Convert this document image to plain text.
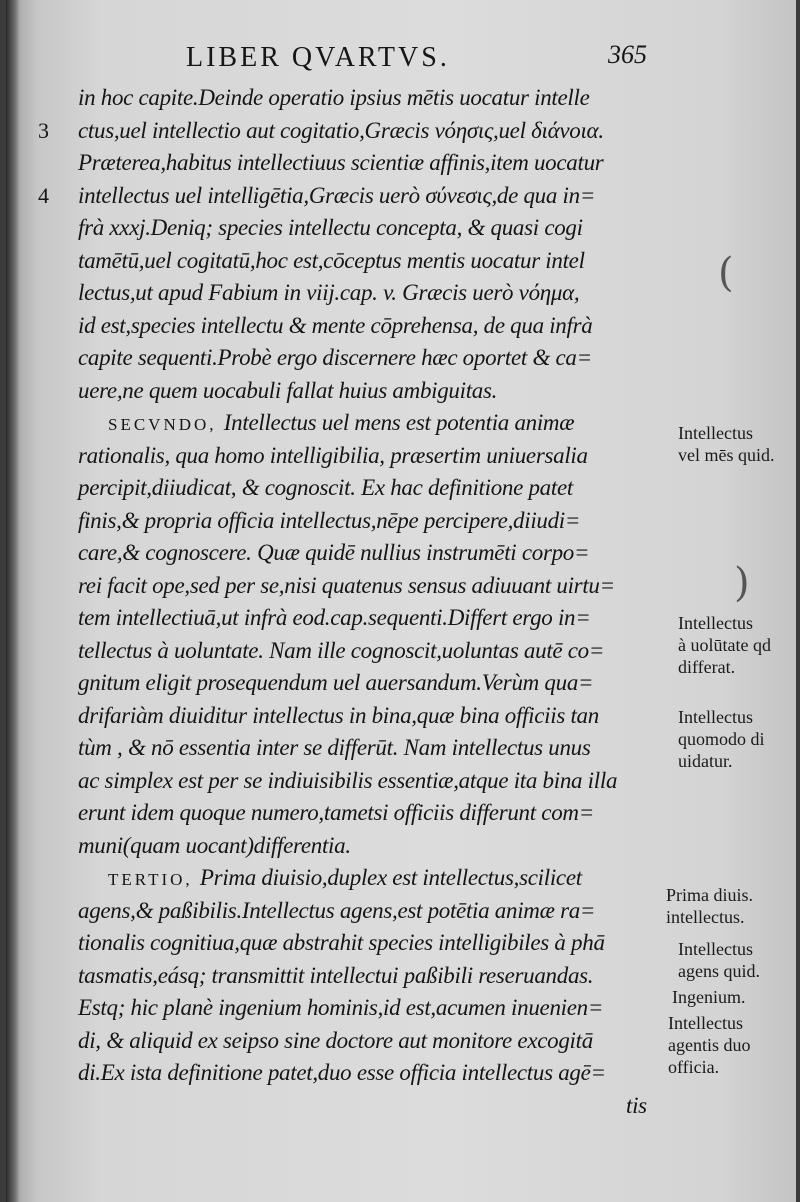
LIBER QVARTVS.	365
in hoc capite.Deinde operatio ipsius mētis uocatur intelle
3 ctus,uel intellectio aut cogitatio,Græcis νόησις,uel διάνοια.
Præterea,habitus intellectiuus scientiæ affinis,item uocatur
4 intellectus uel intelligētia,Græcis uerò σύνεσις,de qua in=
frà xxxj.Deniq; species intellectu concepta, & quasi cogi
tamētū,uel cogitatū,hoc est,cōceptus mentis uocatur intel
lectus,ut apud Fabium in viij.cap. v. Græcis uerò νόημα,
id est,species intellectu & mente cōprehensa, de qua infrà
capite sequenti.Probè ergo discernere hæc oportet & ca=
uere,ne quem uocabuli fallat huius ambiguitas.
SECVNDO, Intellectus uel mens est potentia animæ
rationalis, qua homo intelligibilia, præsertim uniuersalia
percipit,diiudicat, & cognoscit. Ex hac definitione patet
finis,& propria officia intellectus,nēpe percipere,diiudi=
care,& cognoscere. Quæ quidē nullius instrumēti corpo=
rei facit ope,sed per se,nisi quatenus sensus adiuuant uirtu=
tem intellectiuā,ut infrà eod.cap.sequenti.Differt ergo in=
tellectus à uoluntate. Nam ille cognoscit,uoluntas autē co=
gnitum eligit prosequendum uel auersandum.Verùm qua=
drifariàm diuiditur intellectus in bina,quæ bina officiis tan
tùm , & nō essentia inter se differūt. Nam intellectus unus
ac simplex est per se indiuisibilis essentiæ,atque ita bina illa
erunt idem quoque numero,tametsi officiis differunt com=
muni(quam uocant)differentia.
TERTIO, Prima diuisio,duplex est intellectus,scilicet
agens,& paßibilis.Intellectus agens,est potētia animæ ra=
tionalis cognitiua,quæ abstrahit species intelligibiles à phā
tasmatis,eásq; transmittit intellectui paßibili reseruandas.
Estq; hic planè ingenium hominis,id est,acumen inuenien=
di, & aliquid ex seipso sine doctore aut monitore excogitā
di.Ex ista definitione patet,duo esse officia intellectus agē=
tis
Intellectus
vel mēs quid.
Intellectus
à uolūtate qd
differat.
Intellectus
quomodo di
uidatur.
Prima diuis.
intellectus.
Intellectus
agens quid.
Ingenium.
Intellectus
agentis duo
officia.
(
)
